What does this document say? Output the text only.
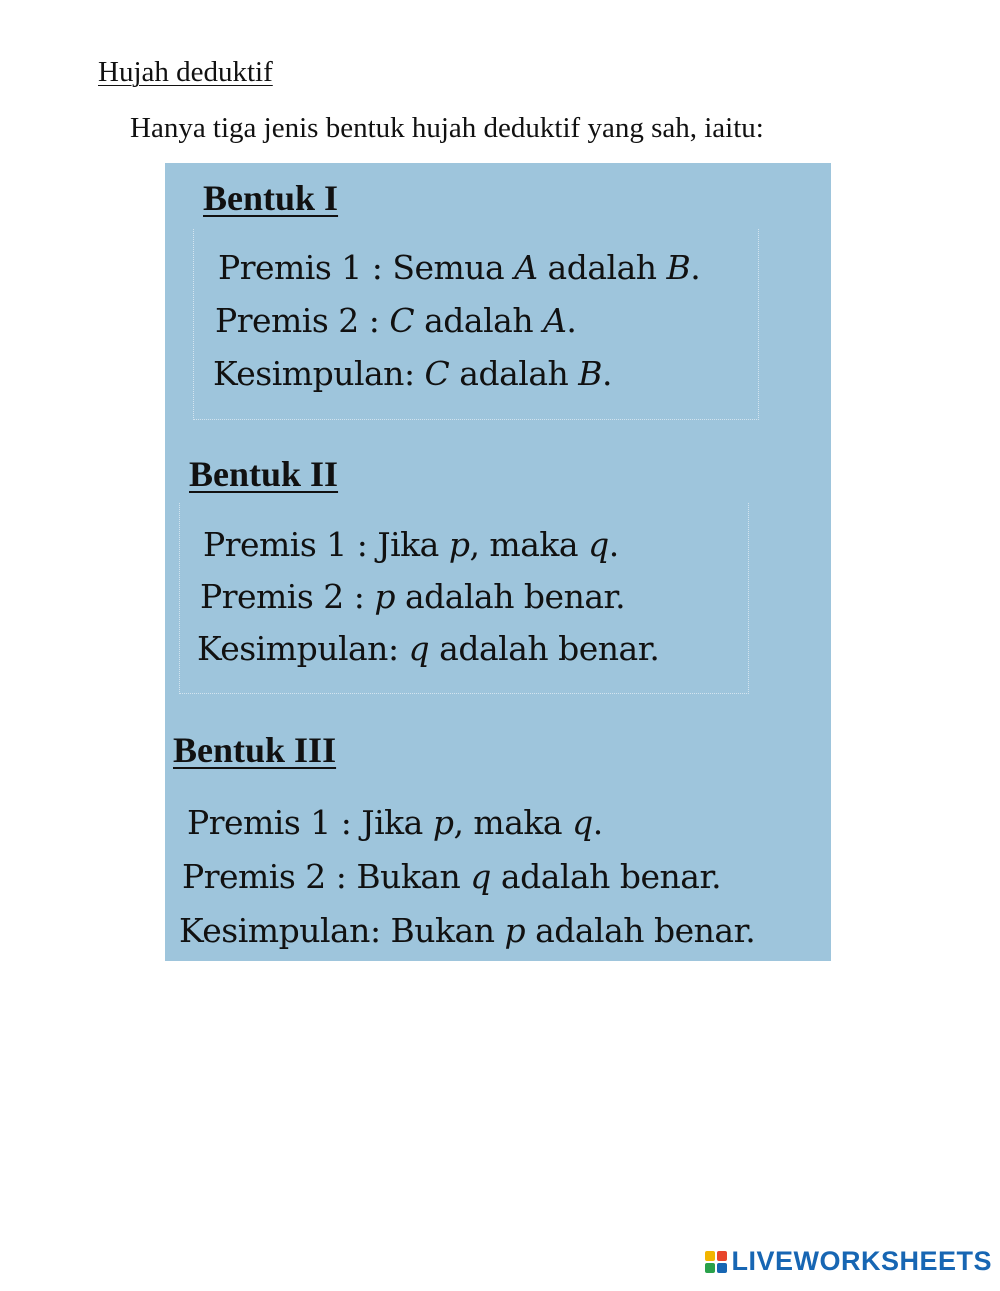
Hujah deduktif

Hanya tiga jenis bentuk hujah deduktif yang sah, iaitu:

Bentuk I

Premis 1 : Semua A adalah B.

Premis 2 : C adalah A.

Kesimpulan: C adalah B.

Bentuk II

Premis 1 : Jika p, maka q.

Premis 2 : p adalah benar.

Kesimpulan: q adalah benar.

Bentuk III

Premis 1 : Jika p, maka q.

Premis 2 : Bukan q adalah benar.

Kesimpulan: Bukan p adalah benar.

LIVEWORKSHEETS
